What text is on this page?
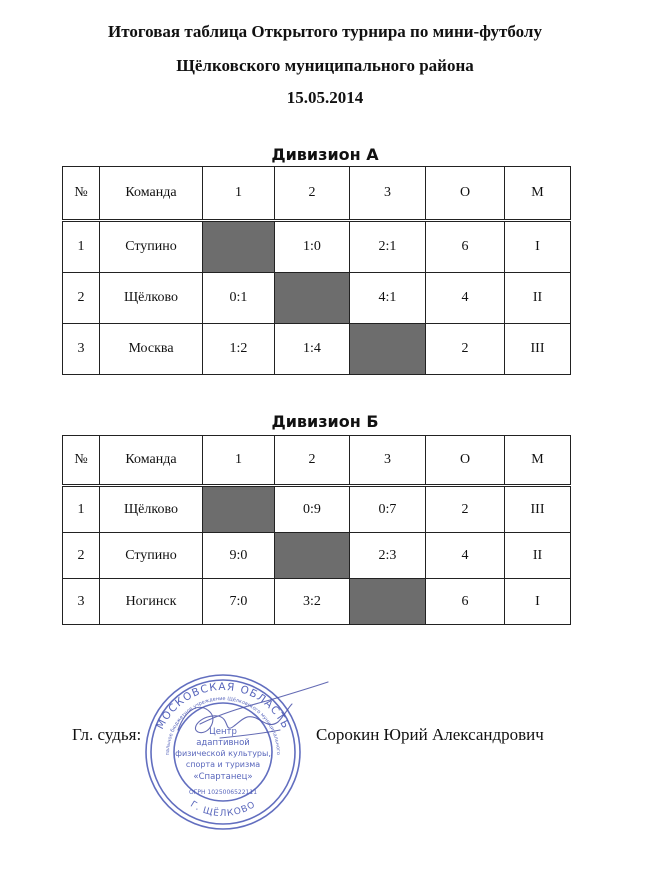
Итоговая таблица Открытого турнира по мини-футболу
Щёлковского муниципального района
15.05.2014
Дивизион А
№	Команда	1	2	3	О	М
1	Ступино		1:0	2:1	6	I
2	Щёлково	0:1		4:1	4	II
3	Москва	1:2	1:4		2	III
Дивизион Б
№	Команда	1	2	3	О	М
1	Щёлково		0:9	0:7	2	III
2	Ступино	9:0		2:3	4	II
3	Ногинск	7:0	3:2		6	I
Гл. судья:	Сорокин Юрий Александрович
МОСКОВСКАЯ ОБЛАСТЬ
пальное бюджетное учреждение Щёлковского муниципального
Г. ЩЁЛКОВО
ОГРН 1025006522111
Центр
адаптивной
физической культуры,
спорта и туризма
«Спартанец»
